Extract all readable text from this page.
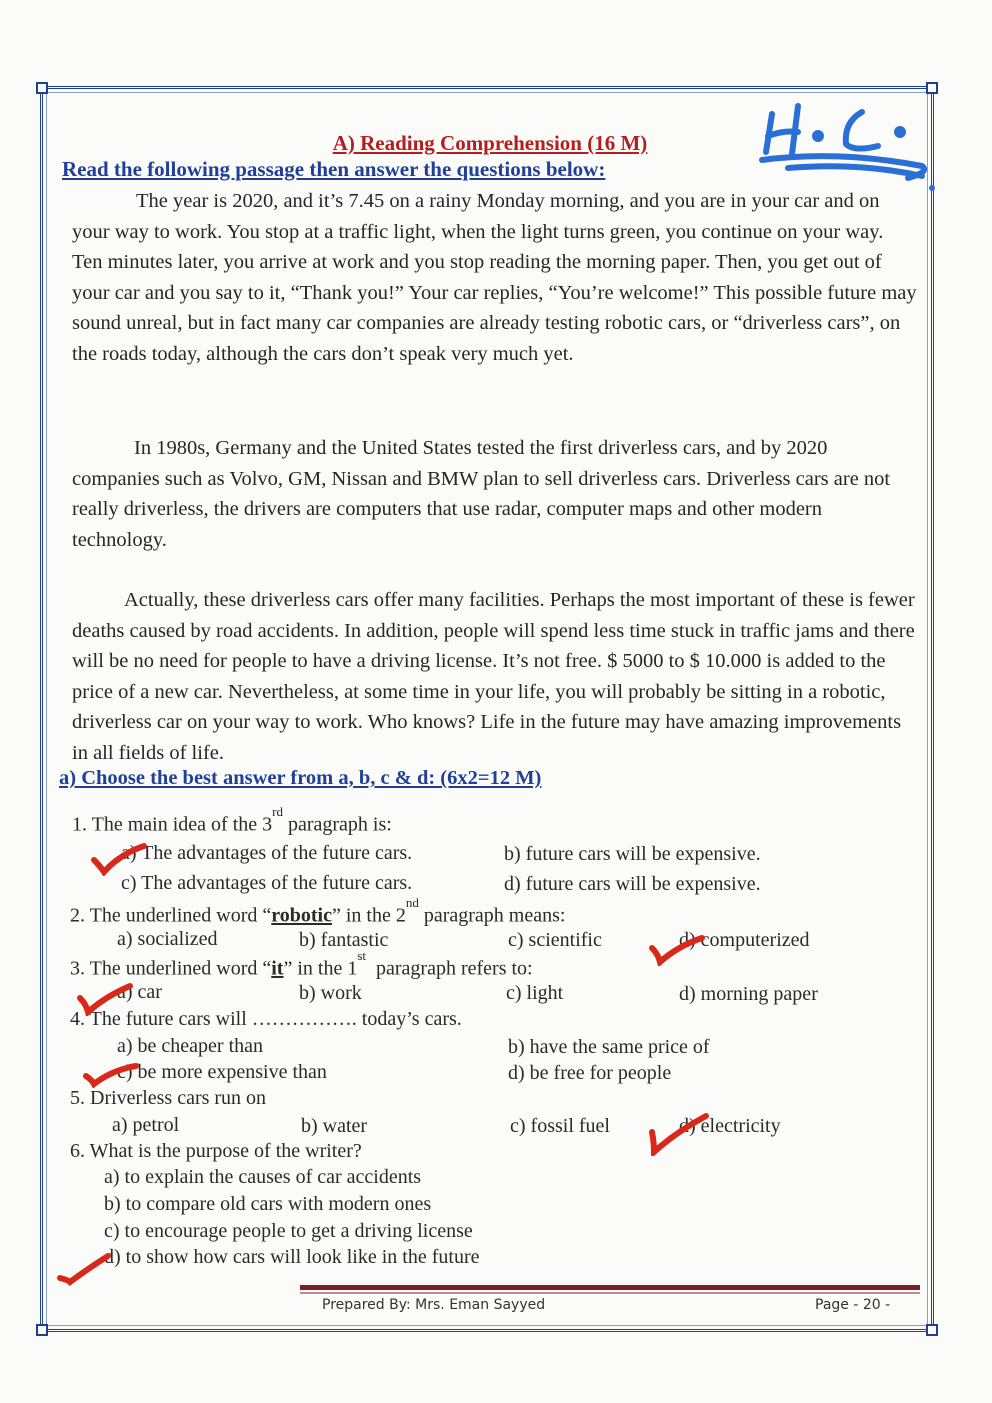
A) Reading Comprehension (16 M)
Read the following passage then answer the questions below:
The year is 2020, and it’s 7.45 on a rainy Monday morning, and you are in your car and on your way to work. You stop at a traffic light, when the light turns green, you continue on your way. Ten minutes later, you arrive at work and you stop reading the morning paper. Then, you get out of your car and you say to it, “Thank you!” Your car replies, “You’re welcome!” This possible future may sound unreal, but in fact many car companies are already testing robotic cars, or “driverless cars”, on the roads today, although the cars don’t speak very much yet.
In 1980s, Germany and the United States tested the first driverless cars, and by 2020 companies such as Volvo, GM, Nissan and BMW plan to sell driverless cars. Driverless cars are not really driverless, the drivers are computers that use radar, computer maps and other modern technology.
Actually, these driverless cars offer many facilities. Perhaps the most important of these is fewer deaths caused by road accidents. In addition, people will spend less time stuck in traffic jams and there will be no need for people to have a driving license. It’s not free. $ 5000 to $ 10.000 is added to the price of a new car. Nevertheless, at some time in your life, you will probably be sitting in a robotic, driverless car on your way to work. Who knows? Life in the future may have amazing improvements in all fields of life.
a) Choose the best answer from a, b, c & d: (6x2=12 M)
1. The main idea of the 3rd paragraph is:
a) The advantages of the future cars.	b) future cars will be expensive.
c) The advantages of the future cars.	d) future cars will be expensive.
2. The underlined word “robotic” in the 2nd paragraph means:
a) socialized	b) fantastic	c) scientific	d) computerized
3. The underlined word “it” in the 1st  paragraph refers to:
a) car	b) work	c) light	d) morning paper
4. The future cars will ……………. today’s cars.
a) be cheaper than	b) have the same price of
c) be more expensive than	d) be free for people
5. Driverless cars run on
a) petrol	b) water	c) fossil fuel	d) electricity
6. What is the purpose of the writer?
a) to explain the causes of car accidents
b) to compare old cars with modern ones
c) to encourage people to get a driving license
d) to show how cars will look like in the future
Prepared By: Mrs. Eman Sayyed	Page - 20 -
